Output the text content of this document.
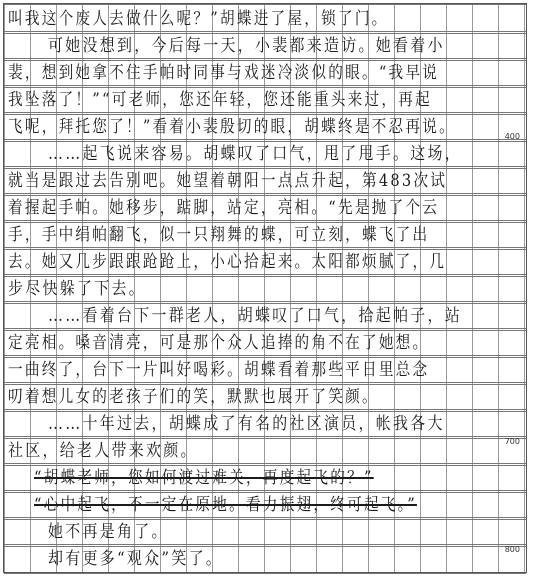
叫我这个废人去做什么呢？”胡蝶进了屋，锁了门。
可她没想到，今后每一天，小裴都来造访。她看着小
裴，想到她拿不住手帕时同事与戏迷冷淡似的眼。“我早说
我坠落了！”“可老师，您还年轻，您还能重头来过，再起
飞呢，拜托您了！”看着小裴殷切的眼，胡蝶终是不忍再说。	400
……起飞说来容易。胡蝶叹了口气，甩了甩手。这场，
就当是跟过去告别吧。她望着朝阳一点点升起，第483次试
着握起手帕。她移步，踮脚，站定，亮相。“先是抛了个云
手，手中绢帕翻飞，似一只翔舞的蝶，可立刻，蝶飞了出
去。她又几步跟跟跄跄上，小心拾起来。太阳都烦腻了，几
步尽快躲了下去。
……看着台下一群老人，胡蝶叹了口气，拾起帕子，站
定亮相。嗓音清亮，可是那个众人追捧的角不在了她想。
一曲终了，台下一片叫好喝彩。胡蝶看着那些平日里总念
叨着想儿女的老孩子们的笑，默默也展开了笑颜。
……十年过去，胡蝶成了有名的社区演员，帐我各大
社区，给老人带来欢颜。	700
“胡蝶老师，您如何渡过难关，再度起飞的？”
“心中起飞，不一定在原地。看力振翅，终可起飞。”
她不再是角了。
却有更多“观众”笑了。	800
